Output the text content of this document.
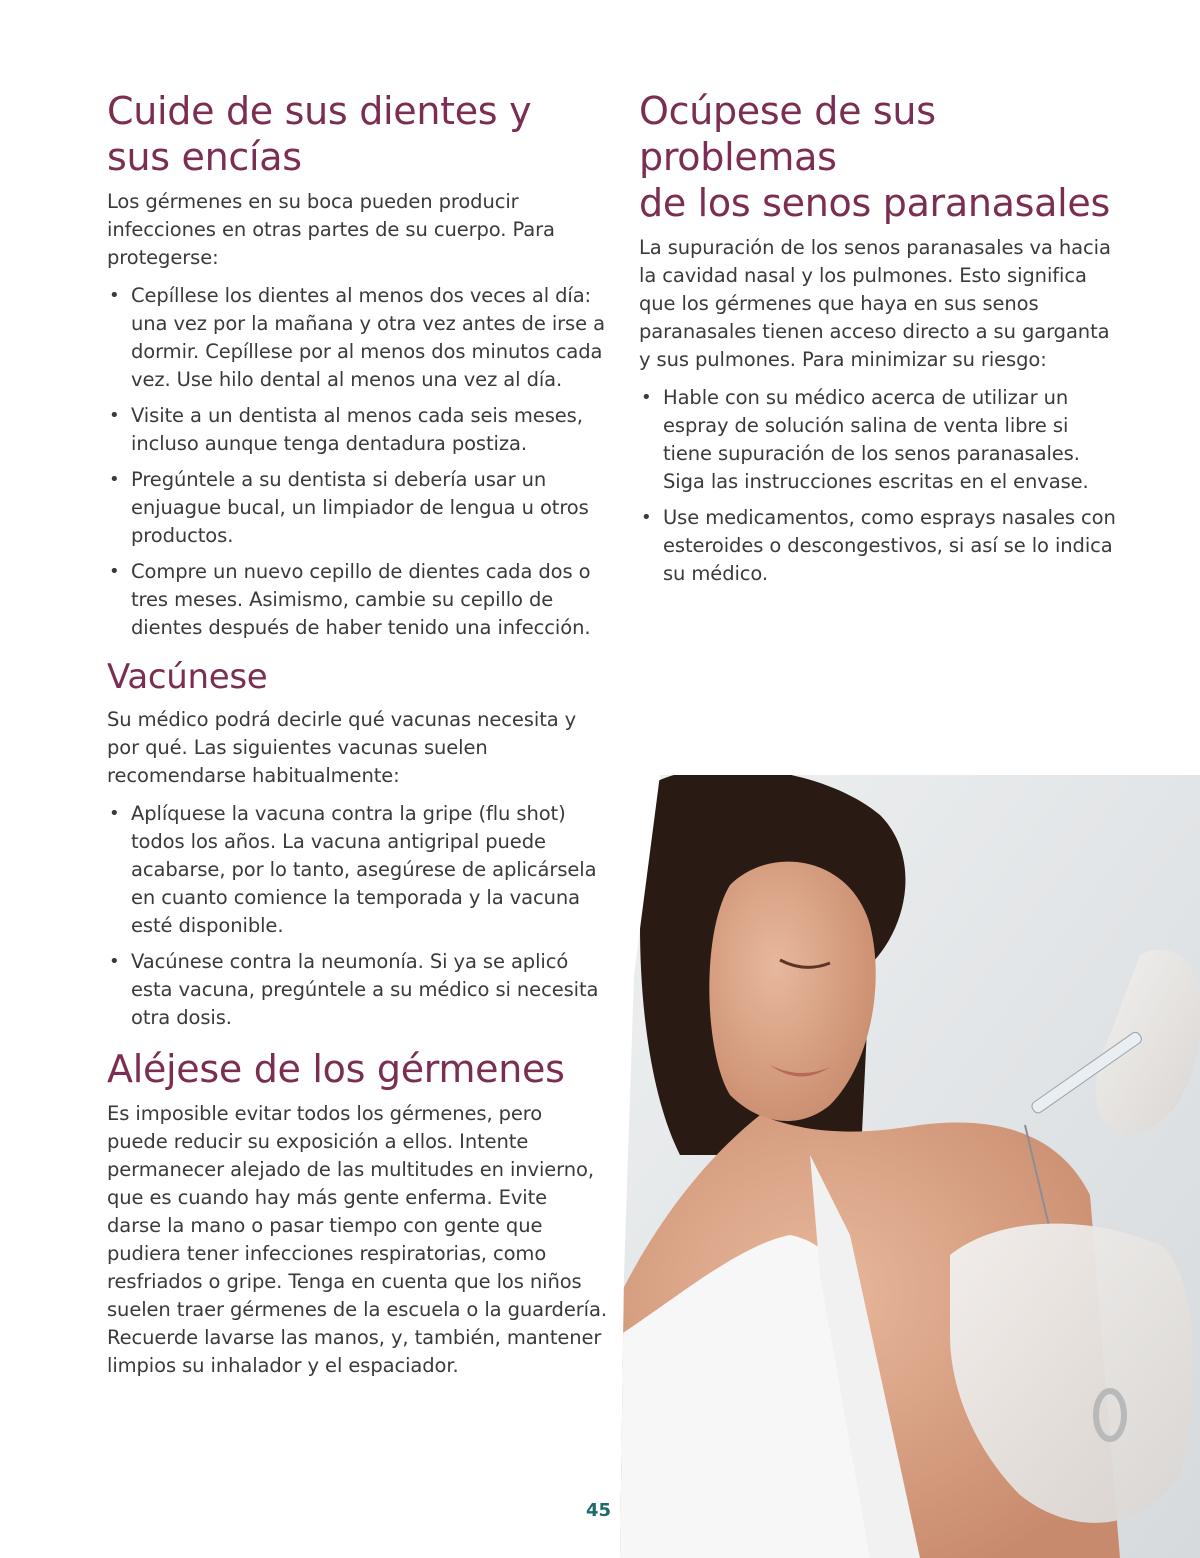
Cuide de sus dientes y
sus encías

Los gérmenes en su boca pueden producir infecciones en otras partes de su cuerpo. Para protegerse:

• Cepíllese los dientes al menos dos veces al día: una vez por la mañana y otra vez antes de irse a dormir. Cepíllese por al menos dos minutos cada vez. Use hilo dental al menos una vez al día.
• Visite a un dentista al menos cada seis meses, incluso aunque tenga dentadura postiza.
• Pregúntele a su dentista si debería usar un enjuague bucal, un limpiador de lengua u otros productos.
• Compre un nuevo cepillo de dientes cada dos o tres meses. Asimismo, cambie su cepillo de dientes después de haber tenido una infección.
Vacúnese

Su médico podrá decirle qué vacunas necesita y por qué. Las siguientes vacunas suelen recomendarse habitualmente:

• Aplíquese la vacuna contra la gripe (flu shot) todos los años. La vacuna antigripal puede acabarse, por lo tanto, asegúrese de aplicársela en cuanto comience la temporada y la vacuna esté disponible.
• Vacúnese contra la neumonía. Si ya se aplicó esta vacuna, pregúntele a su médico si necesita otra dosis.
Aléjese de los gérmenes

Es imposible evitar todos los gérmenes, pero puede reducir su exposición a ellos. Intente permanecer alejado de las multitudes en invierno, que es cuando hay más gente enferma. Evite darse la mano o pasar tiempo con gente que pudiera tener infecciones respiratorias, como resfriados o gripe. Tenga en cuenta que los niños suelen traer gérmenes de la escuela o la guardería. Recuerde lavarse las manos, y, también, mantener limpios su inhalador y el espaciador.

Ocúpese de sus problemas
de los senos paranasales

La supuración de los senos paranasales va hacia la cavidad nasal y los pulmones. Esto significa que los gérmenes que haya en sus senos paranasales tienen acceso directo a su garganta y sus pulmones. Para minimizar su riesgo:

• Hable con su médico acerca de utilizar un espray de solución salina de venta libre si tiene supuración de los senos paranasales. Siga las instrucciones escritas en el envase.
• Use medicamentos, como esprays nasales con esteroides o descongestivos, si así se lo indica su médico.
45
